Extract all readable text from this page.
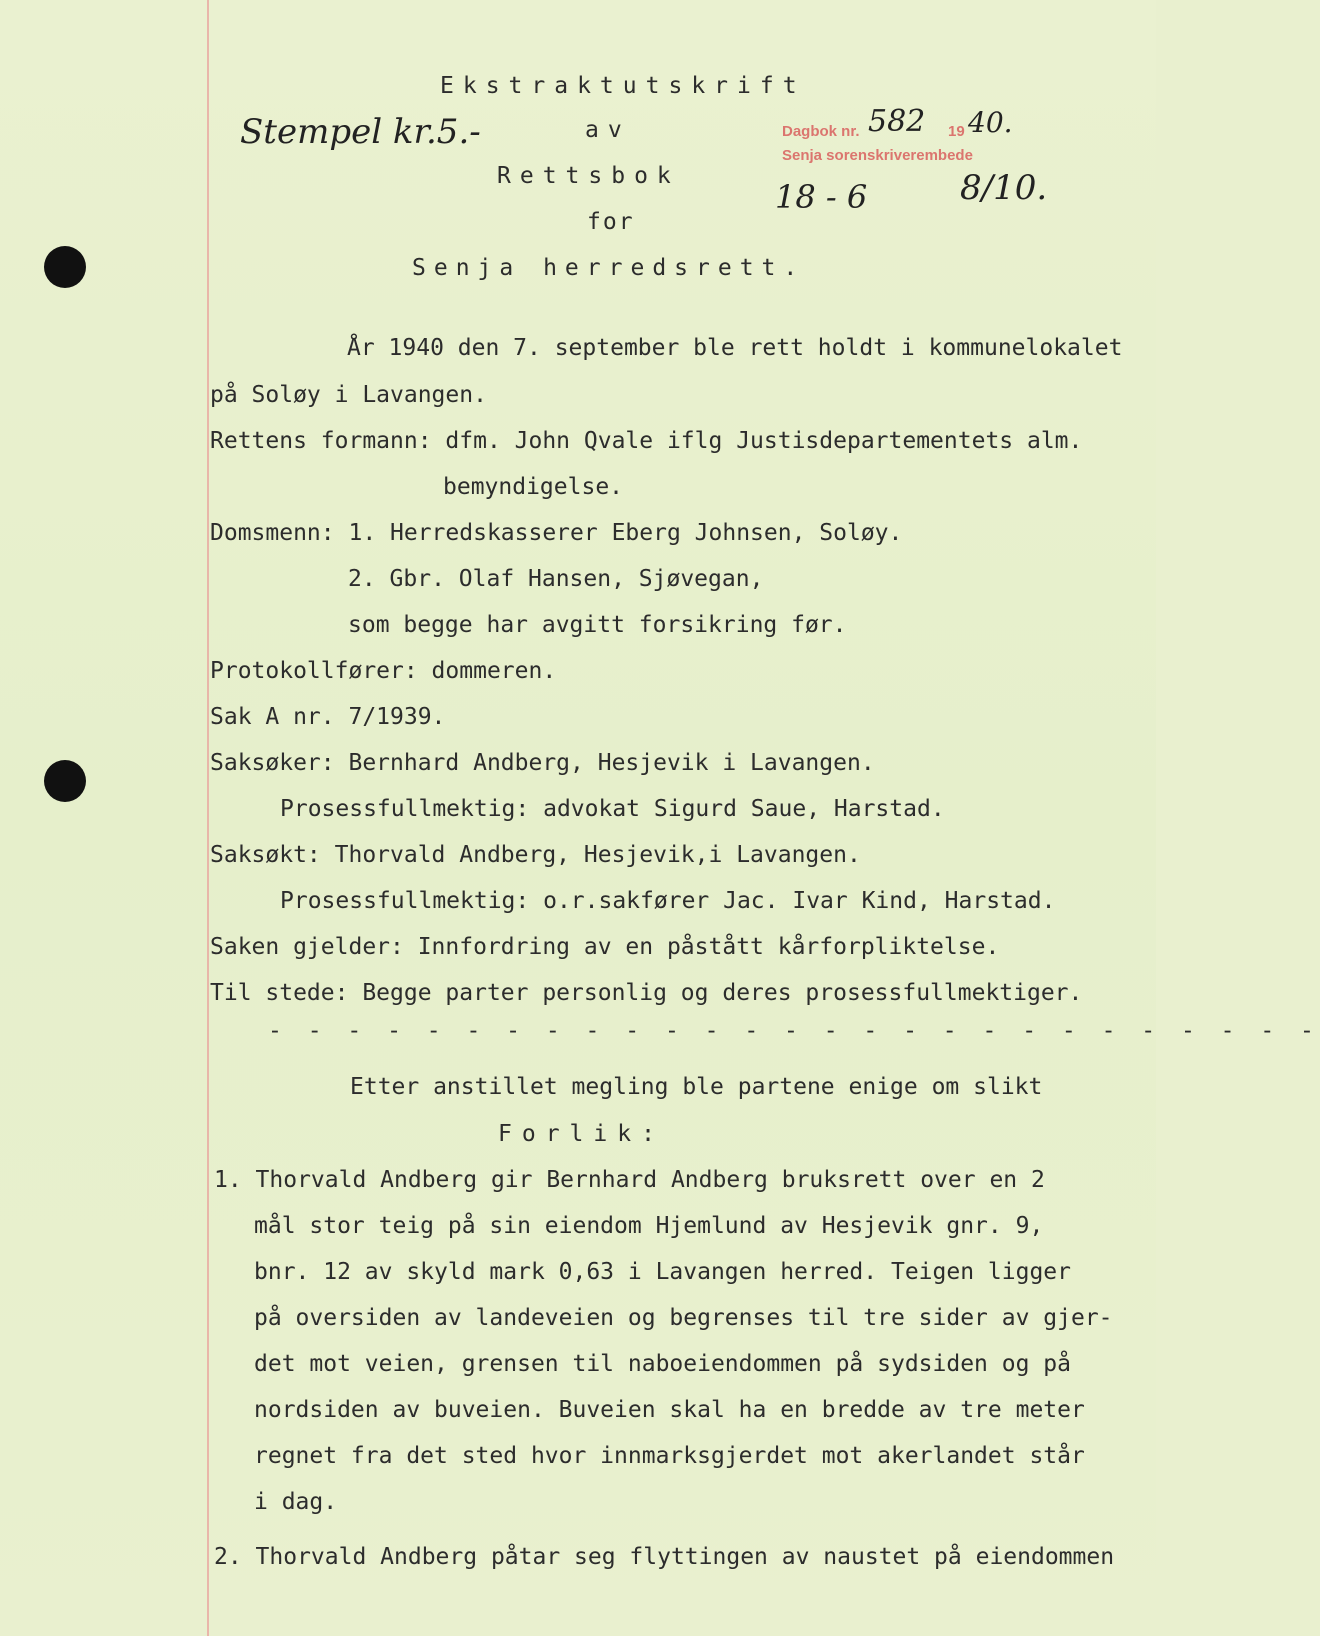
Ekstraktutskrift
av
Rettsbok
for
Senja herredsrett.
Stempel kr.5.-
18 - 6	8/10.
Dagbok nr. 582 19 40.
Senja sorenskriverembede
År 1940 den 7. september ble rett holdt i kommunelokalet
på Soløy i Lavangen.
Rettens formann: dfm. John Qvale iflg Justisdepartementets alm.
bemyndigelse.
Domsmenn: 1. Herredskasserer Eberg Johnsen, Soløy.
2. Gbr. Olaf Hansen, Sjøvegan,
som begge har avgitt forsikring før.
Protokollfører: dommeren.
Sak A nr. 7/1939.
Saksøker: Bernhard Andberg, Hesjevik i Lavangen.
Prosessfullmektig: advokat Sigurd Saue, Harstad.
Saksøkt: Thorvald Andberg, Hesjevik,i Lavangen.
Prosessfullmektig: o.r.sakfører Jac. Ivar Kind, Harstad.
Saken gjelder: Innfordring av en påstått kårforpliktelse.
Til stede: Begge parter personlig og deres prosessfullmektiger.
- - - - - - - - - - - - - - - - - - - - - - - - - - -
Etter anstillet megling ble partene enige om slikt
Forlik:
1. Thorvald Andberg gir Bernhard Andberg bruksrett over en 2
mål stor teig på sin eiendom Hjemlund av Hesjevik gnr. 9,
bnr. 12 av skyld mark 0,63 i Lavangen herred. Teigen ligger
på oversiden av landeveien og begrenses til tre sider av gjer-
det mot veien, grensen til naboeiendommen på sydsiden og på
nordsiden av buveien. Buveien skal ha en bredde av tre meter
regnet fra det sted hvor innmarksgjerdet mot akerlandet står
i dag.
2. Thorvald Andberg påtar seg flyttingen av naustet på eiendommen
